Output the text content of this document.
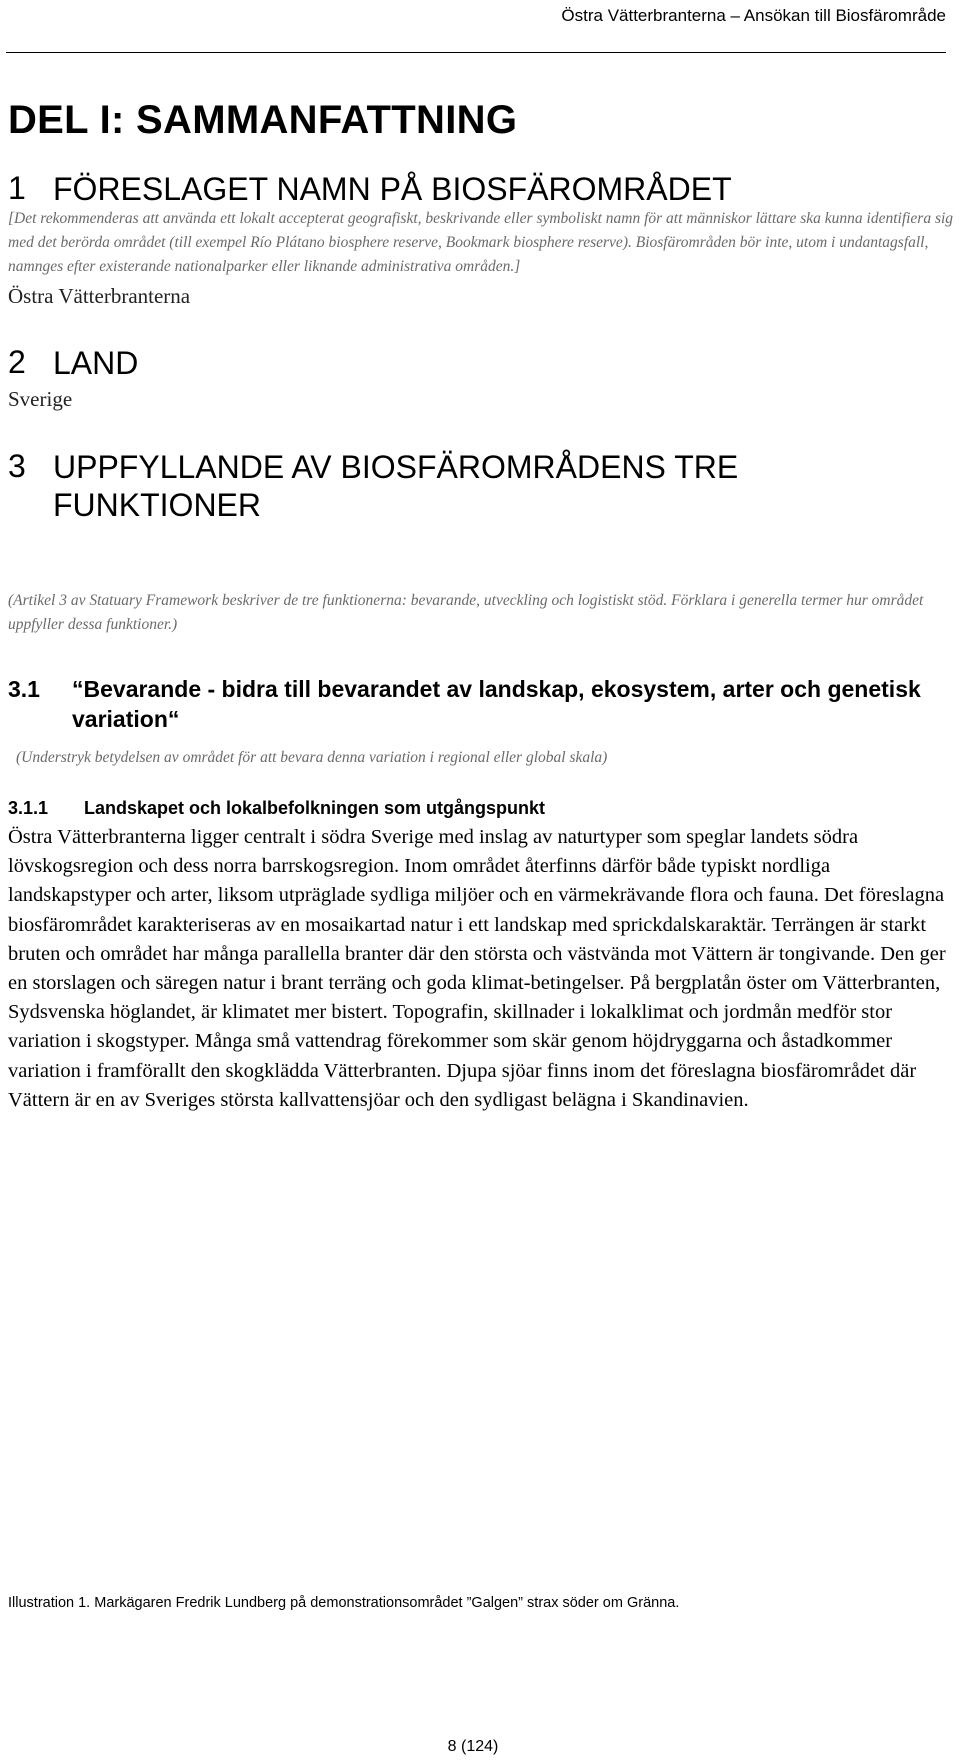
Östra Vätterbranterna – Ansökan till Biosfärområde
DEL I: SAMMANFATTNING
1 FÖRESLAGET NAMN PÅ BIOSFÄROMRÅDET

[Det rekommenderas att använda ett lokalt accepterat geografiskt, beskrivande eller symboliskt namn för att människor lättare ska kunna identifiera sig med det berörda området (till exempel Río Plátano biosphere reserve, Bookmark biosphere reserve). Biosfärområden bör inte, utom i undantagsfall, namnges efter existerande nationalparker eller liknande administrativa områden.]

Östra Vätterbranterna

2 LAND

Sverige

3 UPPFYLLANDE AV BIOSFÄROMRÅDENS TRE FUNKTIONER

(Artikel 3 av Statuary Framework beskriver de tre funktionerna: bevarande, utveckling och logistiskt stöd. Förklara i generella termer hur området uppfyller dessa funktioner.)

3.1	“Bevarande - bidra till bevarandet av landskap, ekosystem, arter och genetisk variation“

(Understryk betydelsen av området för att bevara denna variation i regional eller global skala)

3.1.1	Landskapet och lokalbefolkningen som utgångspunkt

Östra Vätterbranterna ligger centralt i södra Sverige med inslag av naturtyper som speglar landets södra lövskogsregion och dess norra barrskogsregion. Inom området återfinns därför både typiskt nordliga landskapstyper och arter, liksom utpräglade sydliga miljöer och en värmekrävande flora och fauna. Det föreslagna biosfärområdet karakteriseras av en mosaikartad natur i ett landskap med sprickdalskaraktär. Terrängen är starkt bruten och området har många parallella branter där den största och västvända mot Vättern är tongivande. Den ger en storslagen och säregen natur i brant terräng och goda klimat-betingelser. På bergplatån öster om Vätterbranten, Sydsvenska höglandet, är klimatet mer bistert. Topografin, skillnader i lokalklimat och jordmån medför stor variation i skogstyper. Många små vattendrag förekommer som skär genom höjdryggarna och åstadkommer variation i framförallt den skogklädda Vätterbranten. Djupa sjöar finns inom det föreslagna biosfärområdet där Vättern är en av Sveriges största kallvattensjöar och den sydligast belägna i Skandinavien.

Illustration 1. Markägaren Fredrik Lundberg på demonstrationsområdet ”Galgen” strax söder om Gränna.

8 (124)
